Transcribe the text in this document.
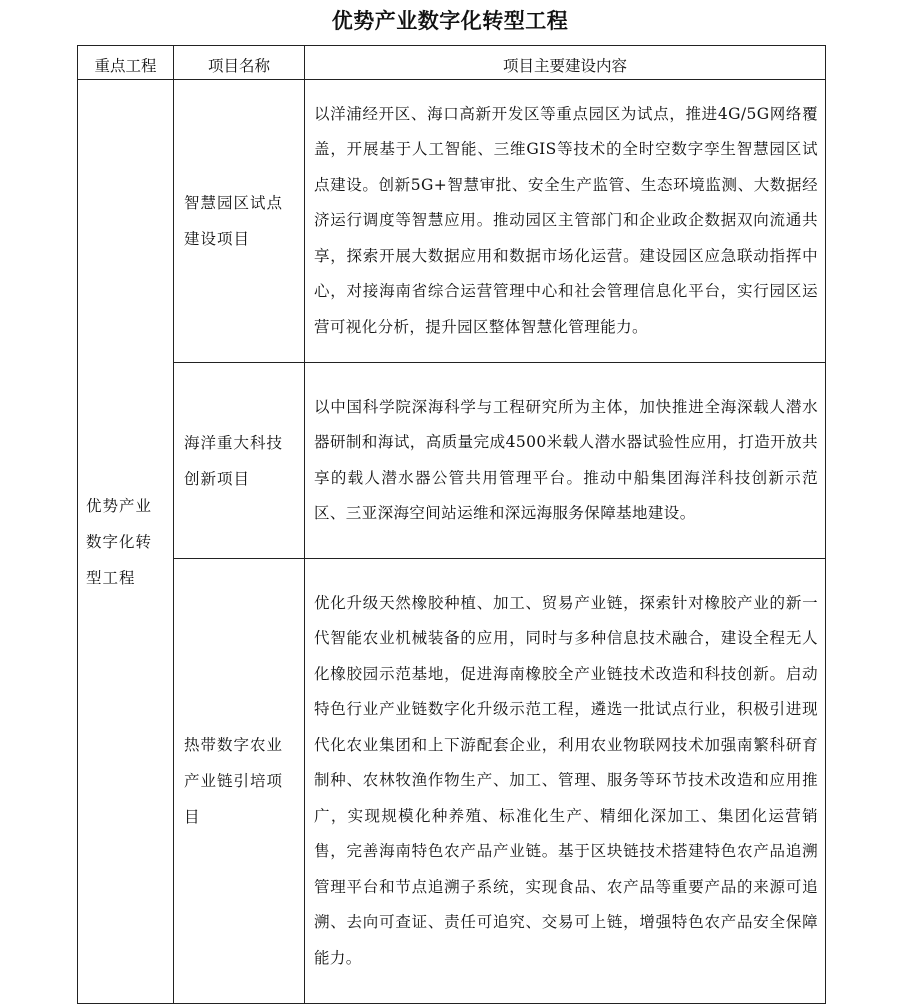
优势产业数字化转型工程
重点工程	项目名称	项目主要建设内容
优势产业数字化转型工程	智慧园区试点建设项目	以洋浦经开区、海口高新开发区等重点园区为试点，推进4G/5G网络覆盖，开展基于人工智能、三维GIS等技术的全时空数字孪生智慧园区试点建设。创新5G+智慧审批、安全生产监管、生态环境监测、大数据经济运行调度等智慧应用。推动园区主管部门和企业政企数据双向流通共享，探索开展大数据应用和数据市场化运营。建设园区应急联动指挥中心，对接海南省综合运营管理中心和社会管理信息化平台，实行园区运营可视化分析，提升园区整体智慧化管理能力。
	海洋重大科技创新项目	以中国科学院深海科学与工程研究所为主体，加快推进全海深载人潜水器研制和海试，高质量完成4500米载人潜水器试验性应用，打造开放共享的载人潜水器公管共用管理平台。推动中船集团海洋科技创新示范区、三亚深海空间站运维和深远海服务保障基地建设。
	热带数字农业产业链引培项目	优化升级天然橡胶种植、加工、贸易产业链，探索针对橡胶产业的新一代智能农业机械装备的应用，同时与多种信息技术融合，建设全程无人化橡胶园示范基地，促进海南橡胶全产业链技术改造和科技创新。启动特色行业产业链数字化升级示范工程，遴选一批试点行业，积极引进现代化农业集团和上下游配套企业，利用农业物联网技术加强南繁科研育制种、农林牧渔作物生产、加工、管理、服务等环节技术改造和应用推广，实现规模化种养殖、标准化生产、精细化深加工、集团化运营销售，完善海南特色农产品产业链。基于区块链技术搭建特色农产品追溯管理平台和节点追溯子系统，实现食品、农产品等重要产品的来源可追溯、去向可查证、责任可追究、交易可上链，增强特色农产品安全保障能力。
